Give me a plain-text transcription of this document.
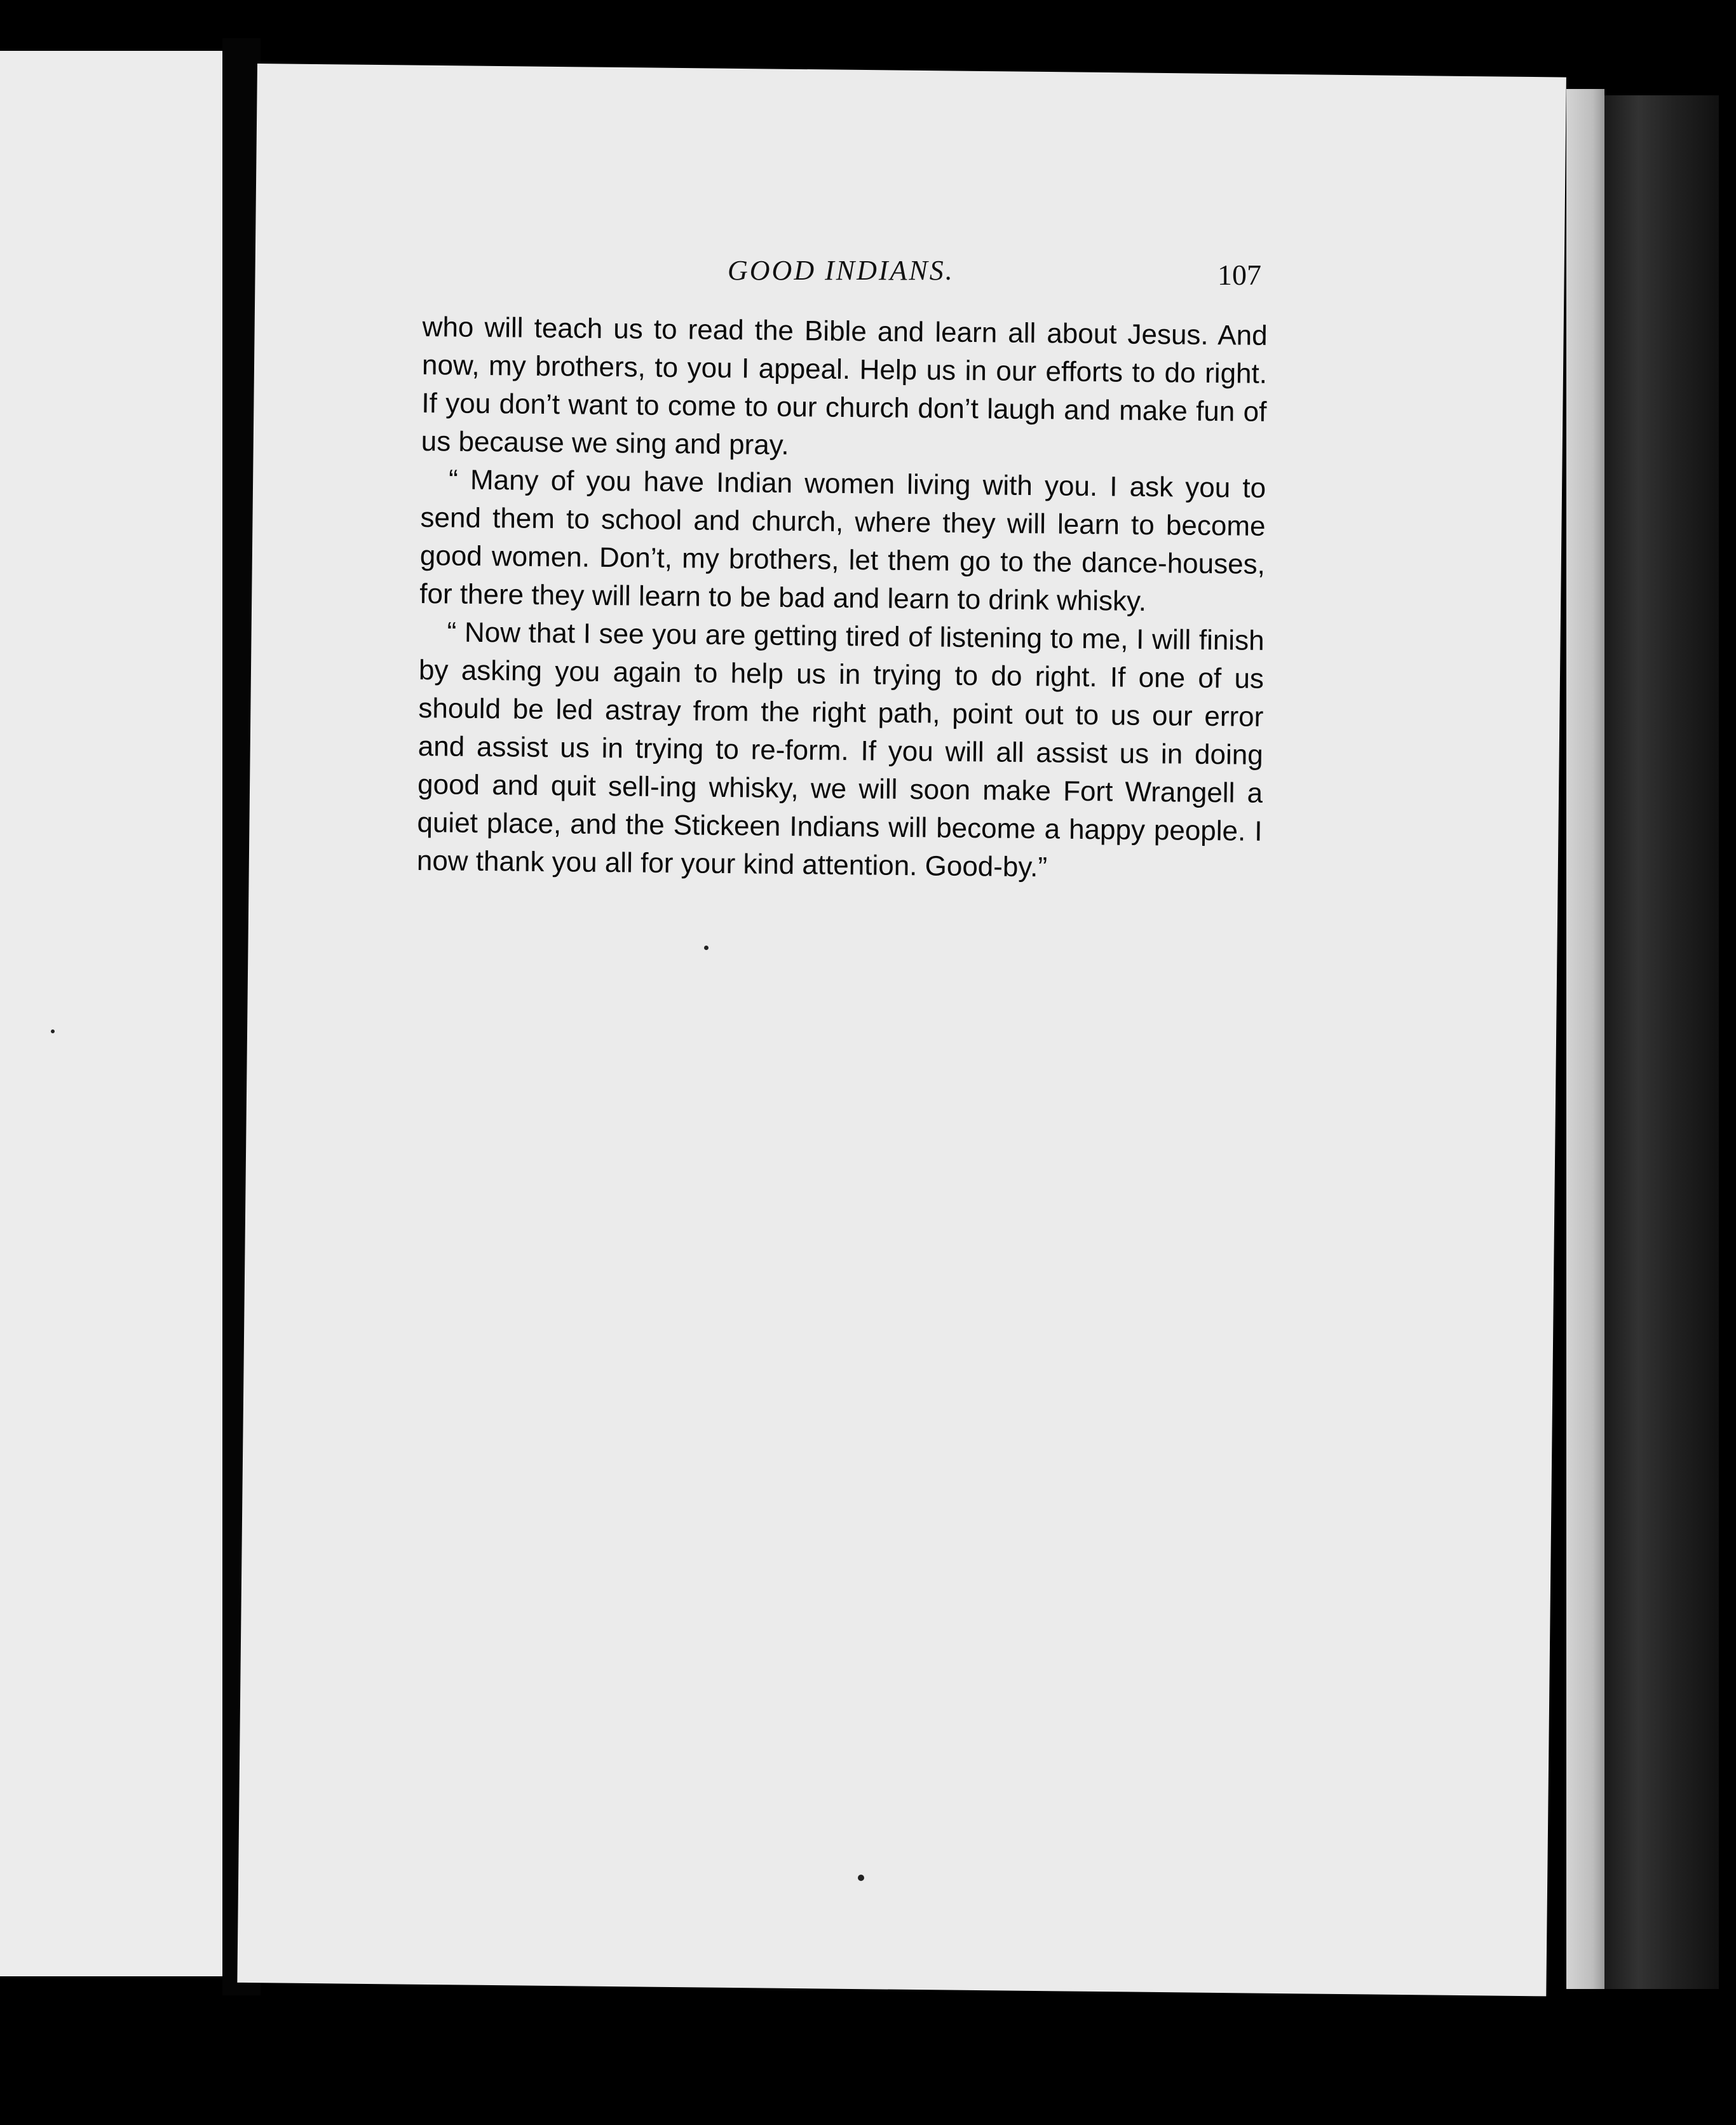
GOOD INDIANS.	107

who will teach us to read the Bible and learn all about Jesus. And now, my brothers, to you I appeal. Help us in our efforts to do right. If you don’t want to come to our church don’t laugh and make fun of us because we sing and pray.

“ Many of you have Indian women living with you. I ask you to send them to school and church, where they will learn to become good women. Don’t, my brothers, let them go to the dance-houses, for there they will learn to be bad and learn to drink whisky.

“ Now that I see you are getting tired of listening to me, I will finish by asking you again to help us in trying to do right. If one of us should be led astray from the right path, point out to us our error and assist us in trying to re-form. If you will all assist us in doing good and quit sell-ing whisky, we will soon make Fort Wrangell a quiet place, and the Stickeen Indians will become a happy people. I now thank you all for your kind attention. Good-by.”
